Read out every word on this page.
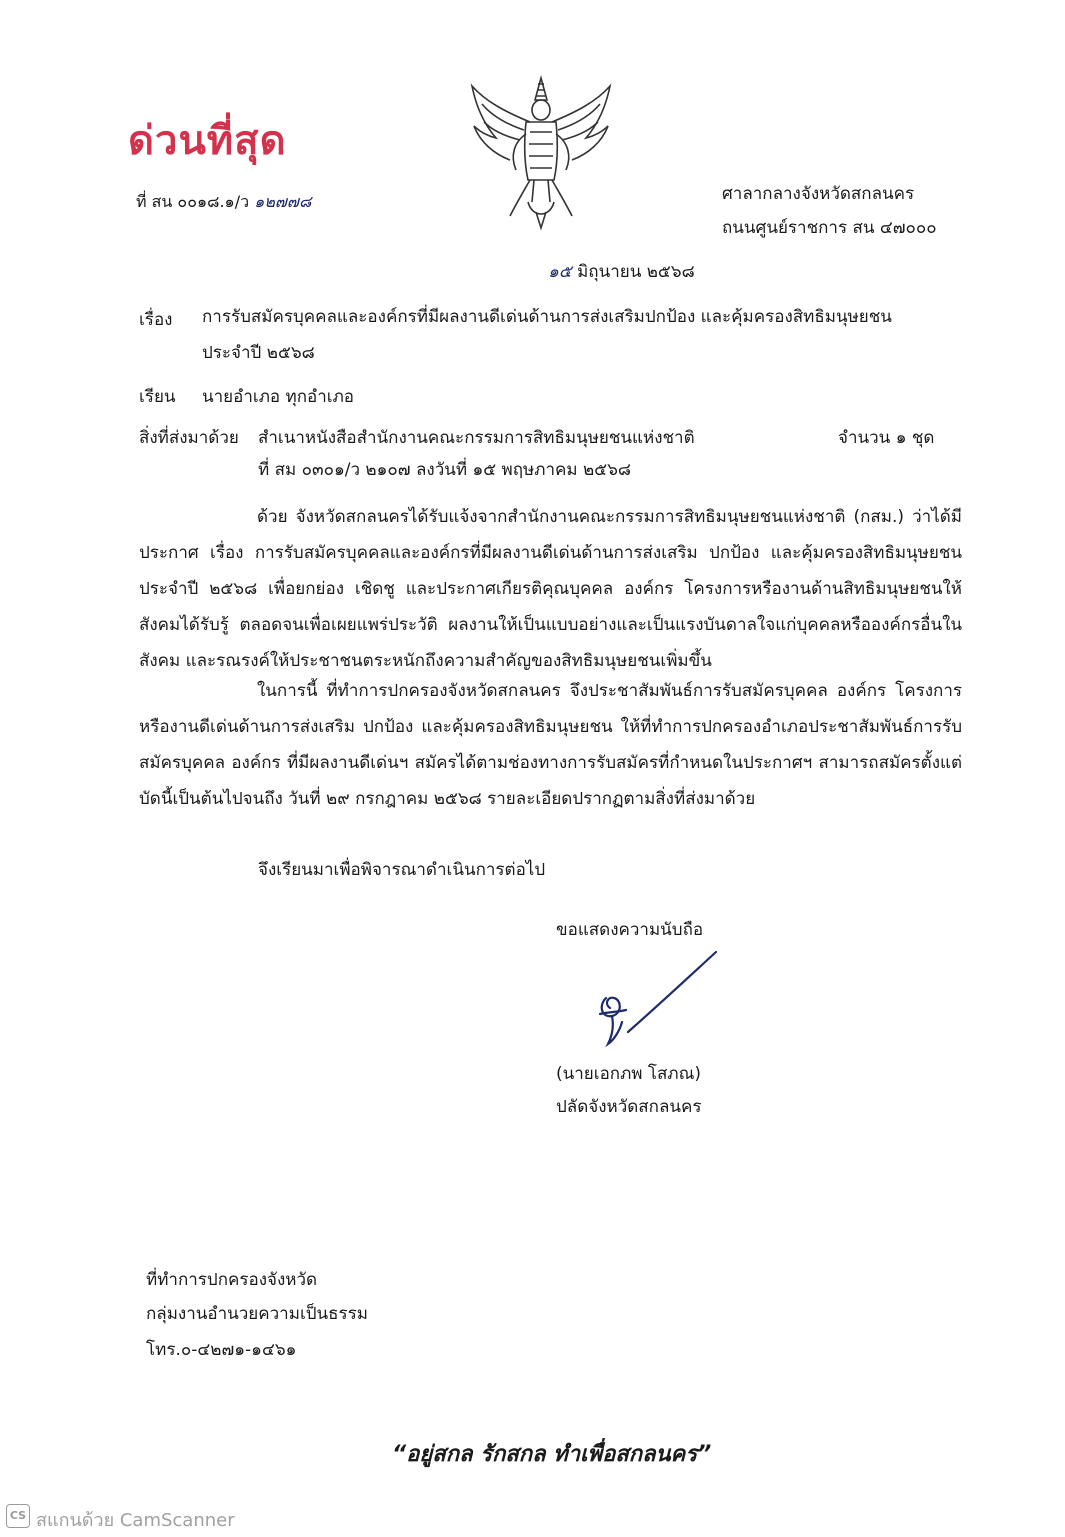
ด่วนที่สุด
ที่ สน ๐๐๑๘.๑/ว ๑๒๗๗๘	ศาลากลางจังหวัดสกลนคร
ถนนศูนย์ราชการ สน ๔๗๐๐๐
๑๕ มิถุนายน ๒๕๖๘
เรื่อง การรับสมัครบุคคลและองค์กรที่มีผลงานดีเด่นด้านการส่งเสริมปกป้อง และคุ้มครองสิทธิมนุษยชน
ประจำปี ๒๕๖๘
เรียน นายอำเภอ ทุกอำเภอ
สิ่งที่ส่งมาด้วย สำเนาหนังสือสำนักงานคณะกรรมการสิทธิมนุษยชนแห่งชาติ	จำนวน ๑ ชุด
ที่ สม ๐๓๐๑/ว ๒๑๐๗ ลงวันที่ ๑๕ พฤษภาคม ๒๕๖๘
ด้วย จังหวัดสกลนครได้รับแจ้งจากสำนักงานคณะกรรมการสิทธิมนุษยชนแห่งชาติ (กสม.) ว่าได้มีประกาศ เรื่อง การรับสมัครบุคคลและองค์กรที่มีผลงานดีเด่นด้านการส่งเสริม ปกป้อง และคุ้มครองสิทธิมนุษยชน ประจำปี ๒๕๖๘ เพื่อยกย่อง เชิดชู และประกาศเกียรติคุณบุคคล องค์กร โครงการหรืองานด้านสิทธิมนุษยชนให้สังคมได้รับรู้ ตลอดจนเพื่อเผยแพร่ประวัติ ผลงานให้เป็นแบบอย่างและเป็นแรงบันดาลใจแก่บุคคลหรือองค์กรอื่นในสังคม และรณรงค์ให้ประชาชนตระหนักถึงความสำคัญของสิทธิมนุษยชนเพิ่มขึ้น
ในการนี้ ที่ทำการปกครองจังหวัดสกลนคร จึงประชาสัมพันธ์การรับสมัครบุคคล องค์กร โครงการ หรืองานดีเด่นด้านการส่งเสริม ปกป้อง และคุ้มครองสิทธิมนุษยชน ให้ที่ทำการปกครองอำเภอประชาสัมพันธ์การรับสมัครบุคคล องค์กร ที่มีผลงานดีเด่นฯ สมัครได้ตามช่องทางการรับสมัครที่กำหนดในประกาศฯ สามารถสมัครตั้งแต่บัดนี้เป็นต้นไปจนถึง วันที่ ๒๙ กรกฎาคม ๒๕๖๘ รายละเอียดปรากฏตามสิ่งที่ส่งมาด้วย
จึงเรียนมาเพื่อพิจารณาดำเนินการต่อไป
ขอแสดงความนับถือ
(นายเอกภพ โสภณ)
ปลัดจังหวัดสกลนคร
ที่ทำการปกครองจังหวัด
กลุ่มงานอำนวยความเป็นธรรม
โทร.๐-๔๒๗๑-๑๔๖๑
“อยู่สกล รักสกล ทำเพื่อสกลนคร”
CS สแกนด้วย CamScanner
